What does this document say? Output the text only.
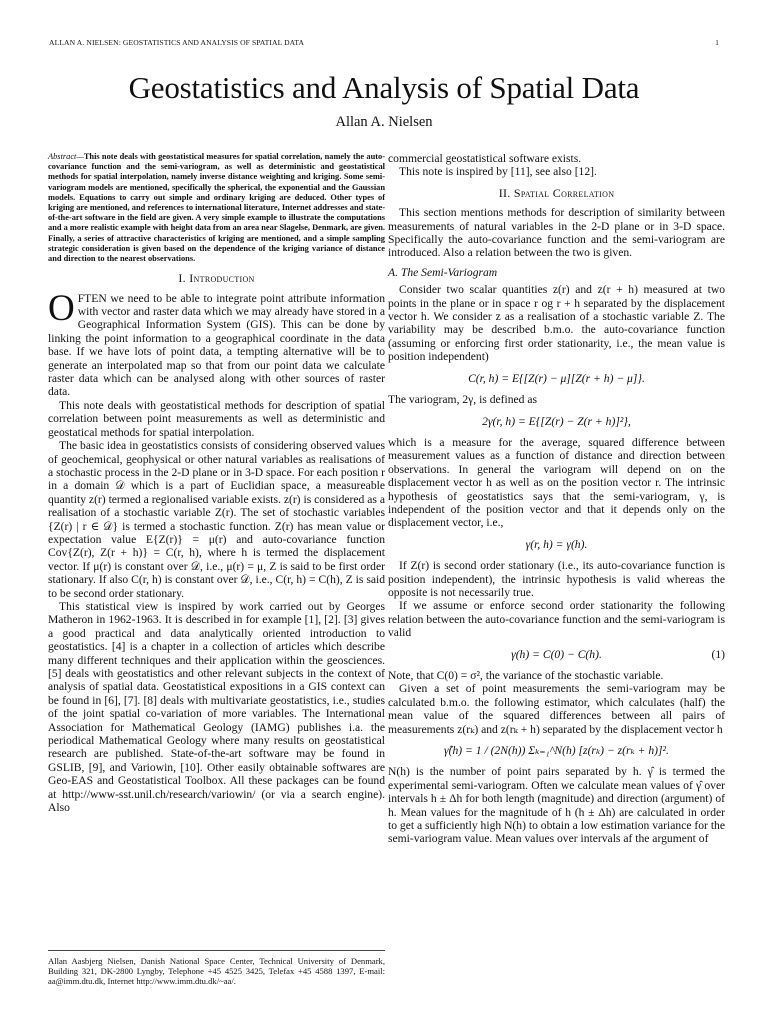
ALLAN A. NIELSEN: GEOSTATISTICS AND ANALYSIS OF SPATIAL DATA	1
Geostatistics and Analysis of Spatial Data
Allan A. Nielsen

Abstract—This note deals with geostatistical measures for spatial correlation, namely the auto-covariance function and the semi-variogram, as well as deterministic and geostatistical methods for spatial interpolation, namely inverse distance weighting and kriging. Some semi-variogram models are mentioned, specifically the spherical, the exponential and the Gaussian models. Equations to carry out simple and ordinary kriging are deduced. Other types of kriging are mentioned, and references to international literature, Internet addresses and state-of-the-art software in the field are given. A very simple example to illustrate the computations and a more realistic example with height data from an area near Slagelse, Denmark, are given. Finally, a series of attractive characteristics of kriging are mentioned, and a simple sampling strategic consideration is given based on the dependence of the kriging variance of distance and direction to the nearest observations.

I. Introduction

OFTEN we need to be able to integrate point attribute information with vector and raster data which we may already have stored in a Geographical Information System (GIS). This can be done by linking the point information to a geographical coordinate in the data base. If we have lots of point data, a tempting alternative will be to generate an interpolated map so that from our point data we calculate raster data which can be analysed along with other sources of raster data.

This note deals with geostatistical methods for description of spatial correlation between point measurements as well as deterministic and geostatical methods for spatial interpolation.

The basic idea in geostatistics consists of considering observed values of geochemical, geophysical or other natural variables as realisations of a stochastic process in the 2-D plane or in 3-D space. For each position r in a domain 𝒟 which is a part of Euclidian space, a measureable quantity z(r) termed a regionalised variable exists. z(r) is considered as a realisation of a stochastic variable Z(r). The set of stochastic variables {Z(r) | r ∈ 𝒟} is termed a stochastic function. Z(r) has mean value or expectation value E{Z(r)} = μ(r) and auto-covariance function Cov{Z(r), Z(r + h)} = C(r, h), where h is termed the displacement vector. If μ(r) is constant over 𝒟, i.e., μ(r) = μ, Z is said to be first order stationary. If also C(r, h) is constant over 𝒟, i.e., C(r, h) = C(h), Z is said to be second order stationary.

This statistical view is inspired by work carried out by Georges Matheron in 1962-1963. It is described in for example [1], [2]. [3] gives a good practical and data analytically oriented introduction to geostatistics. [4] is a chapter in a collection of articles which describe many different techniques and their application within the geosciences. [5] deals with geostatistics and other relevant subjects in the context of analysis of spatial data. Geostatistical expositions in a GIS context can be found in [6], [7]. [8] deals with multivariate geostatistics, i.e., studies of the joint spatial co-variation of more variables. The International Association for Mathematical Geology (IAMG) publishes i.a. the periodical Mathematical Geology where many results on geostatistical research are published. State-of-the-art software may be found in GSLIB, [9], and Variowin, [10]. Other easily obtainable softwares are Geo-EAS and Geostatistical Toolbox. All these packages can be found at http://www-sst.unil.ch/research/variowin/ (or via a search engine). Also

Allan Aasbjerg Nielsen, Danish National Space Center, Technical University of Denmark, Building 321, DK-2800 Lyngby, Telephone +45 4525 3425, Telefax +45 4588 1397, E-mail: aa@imm.dtu.dk, Internet http://www.imm.dtu.dk/~aa/.

commercial geostatistical software exists.

This note is inspired by [11], see also [12].

II. Spatial Correlation

This section mentions methods for description of similarity between measurements of natural variables in the 2-D plane or in 3-D space. Specifically the auto-covariance function and the semi-variogram are introduced. Also a relation between the two is given.

A. The Semi-Variogram

Consider two scalar quantities z(r) and z(r + h) measured at two points in the plane or in space r og r + h separated by the displacement vector h. We consider z as a realisation of a stochastic variable Z. The variability may be described b.m.o. the auto-covariance function (assuming or enforcing first order stationarity, i.e., the mean value is position independent)

C(r, h) = E{[Z(r) − μ][Z(r + h) − μ]}.

The variogram, 2γ, is defined as

2γ(r, h) = E{[Z(r) − Z(r + h)]²},

which is a measure for the average, squared difference between measurement values as a function of distance and direction between observations. In general the variogram will depend on on the displacement vector h as well as on the position vector r. The intrinsic hypothesis of geostatistics says that the semi-variogram, γ, is independent of the position vector and that it depends only on the displacement vector, i.e.,

γ(r, h) = γ(h).

If Z(r) is second order stationary (i.e., its auto-covariance function is position independent), the intrinsic hypothesis is valid whereas the opposite is not necessarily true.

If we assume or enforce second order stationarity the following relation between the auto-covariance function and the semi-variogram is valid

γ(h) = C(0) − C(h).	(1)

Note, that C(0) = σ², the variance of the stochastic variable.

Given a set of point measurements the semi-variogram may be calculated b.m.o. the following estimator, which calculates (half) the mean value of the squared differences between all pairs of measurements z(rₖ) and z(rₖ + h) separated by the displacement vector h

γ̂(h) = 1 / (2N(h)) Σₖ₌₁^N(h) [z(rₖ) − z(rₖ + h)]².

N(h) is the number of point pairs separated by h. γ̂ is termed the experimental semi-variogram. Often we calculate mean values of γ̂ over intervals h ± Δh for both length (magnitude) and direction (argument) of h. Mean values for the magnitude of h (h ± Δh) are calculated in order to get a sufficiently high N(h) to obtain a low estimation variance for the semi-variogram value. Mean values over intervals af the argument of
